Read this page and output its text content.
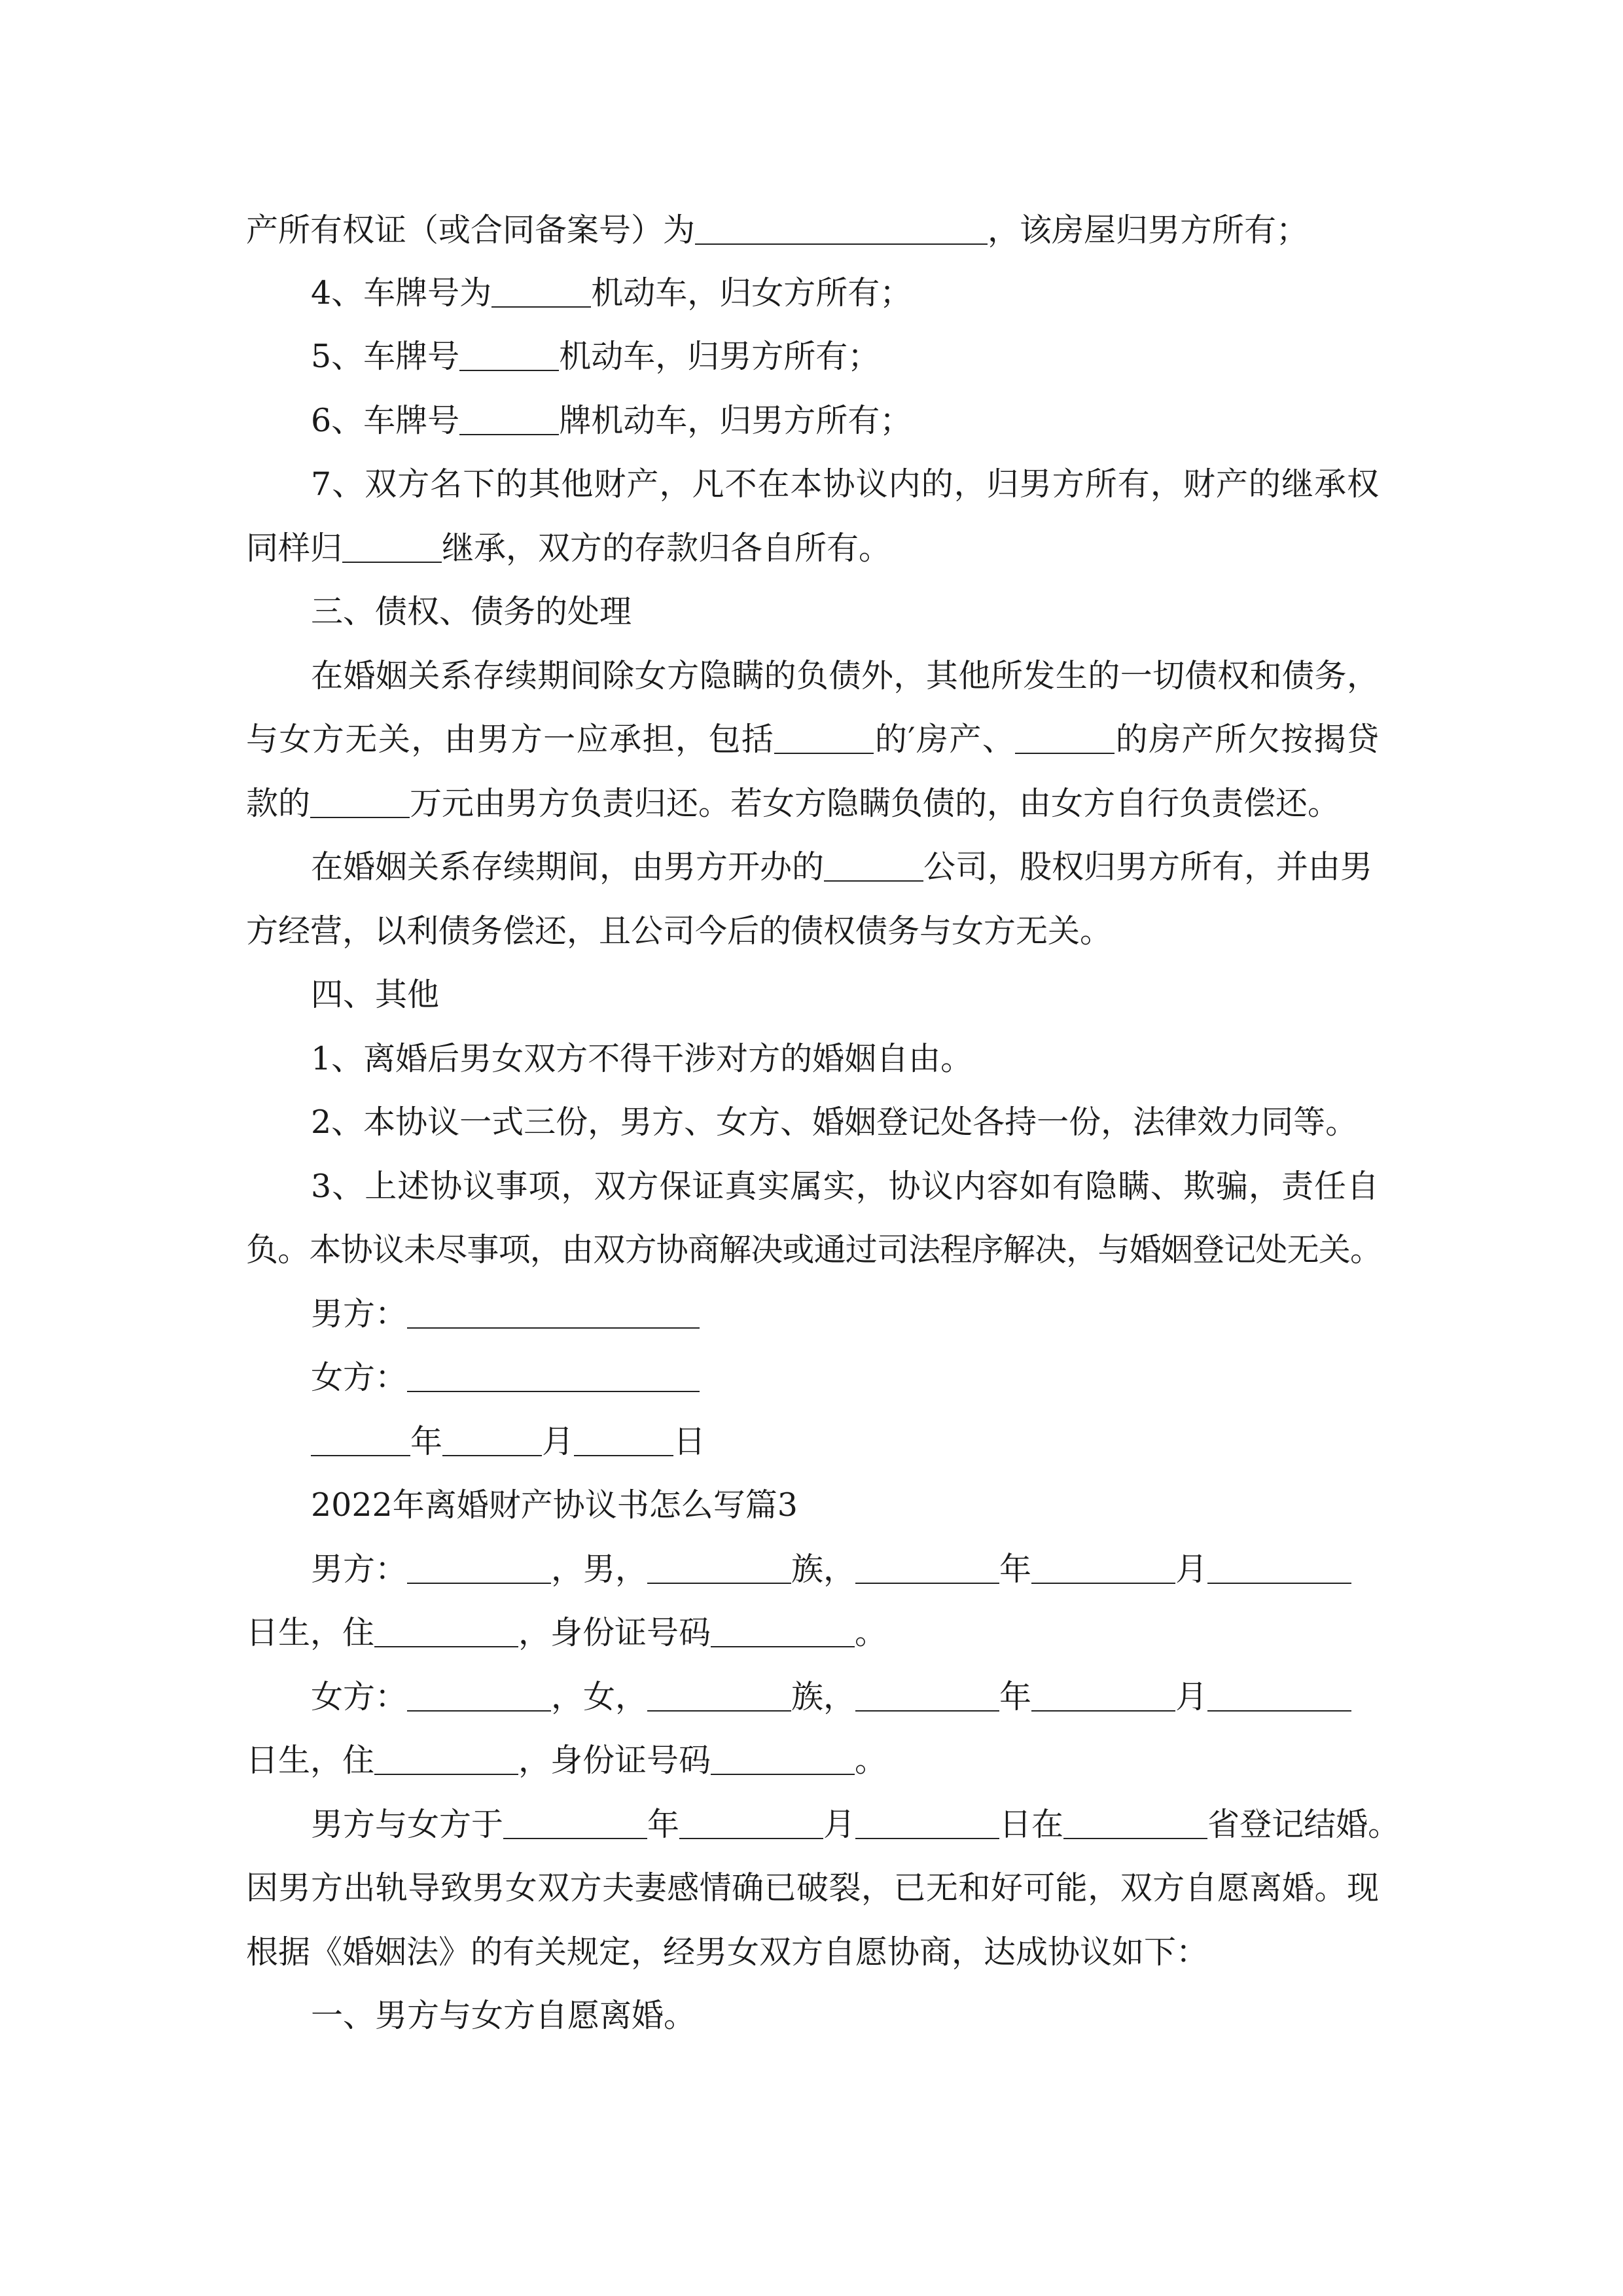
产所有权证（或合同备案号）为	，该房屋归男方所有；
4、车牌号为	机动车，归女方所有；
5、车牌号	机动车，归男方所有；
6、车牌号	牌机动车，归男方所有；
7、双方名下的其他财产，凡不在本协议内的，归男方所有，财产的继承权
同样归	继承，双方的存款归各自所有。
三、债权、债务的处理
在婚姻关系存续期间除女方隐瞒的负债外，其他所发生的一切债权和债务，
与女方无关，由男方一应承担，包括	的′房产、	的房产所欠按揭贷
款的	万元由男方负责归还。若女方隐瞒负债的，由女方自行负责偿还。
在婚姻关系存续期间，由男方开办的	公司，股权归男方所有，并由男
方经营，以利债务偿还，且公司今后的债权债务与女方无关。
四、其他
1、离婚后男女双方不得干涉对方的婚姻自由。
2、本协议一式三份，男方、女方、婚姻登记处各持一份，法律效力同等。
3、上述协议事项，双方保证真实属实，协议内容如有隐瞒、欺骗，责任自
负。本协议未尽事项，由双方协商解决或通过司法程序解决，与婚姻登记处无关。
男方：
女方：
年	月	日
2022年离婚财产协议书怎么写篇3
男方：	，男，	族，	年	月
日生，住	，身份证号码	。
女方：	，女，	族，	年	月
日生，住	，身份证号码	。
男方与女方于	年	月	日在	省登记结婚。
因男方出轨导致男女双方夫妻感情确已破裂，已无和好可能，双方自愿离婚。现
根据《婚姻法》的有关规定，经男女双方自愿协商，达成协议如下：
一、男方与女方自愿离婚。
